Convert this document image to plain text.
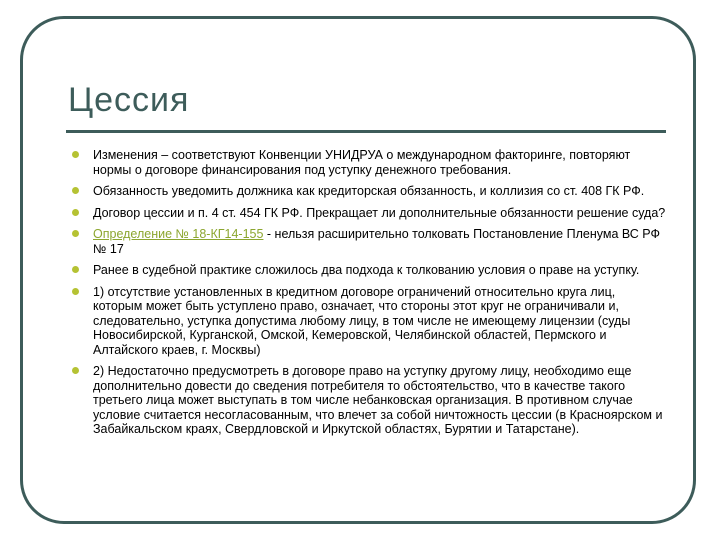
Цессия
Изменения – соответствуют Конвенции УНИДРУА о международном факторинге, повторяют нормы о договоре финансирования под уступку денежного требования.
Обязанность уведомить должника как кредиторская обязанность, и коллизия со ст. 408 ГК РФ.
Договор цессии и п. 4 ст. 454 ГК РФ. Прекращает ли дополнительные обязанности решение суда?
Определение № 18-КГ14-155 - нельзя расширительно толковать Постановление Пленума ВС РФ № 17
Ранее в судебной практике сложилось два подхода к толкованию условия о праве на уступку.
1) отсутствие установленных в кредитном договоре ограничений относительно круга лиц, которым может быть уступлено право, означает, что стороны этот круг не ограничивали и, следовательно, уступка допустима любому лицу, в том числе не имеющему лицензии (суды Новосибирской, Курганской, Омской, Кемеровской, Челябинской областей, Пермского и Алтайского краев, г. Москвы)
2) Недостаточно предусмотреть в договоре право на уступку другому лицу, необходимо еще дополнительно довести до сведения потребителя то обстоятельство, что в качестве такого третьего лица может выступать в том числе небанковская организация. В противном случае условие считается несогласованным, что влечет за собой ничтожность цессии (в Красноярском и Забайкальском краях, Свердловской и Иркутской областях, Бурятии и Татарстане).
